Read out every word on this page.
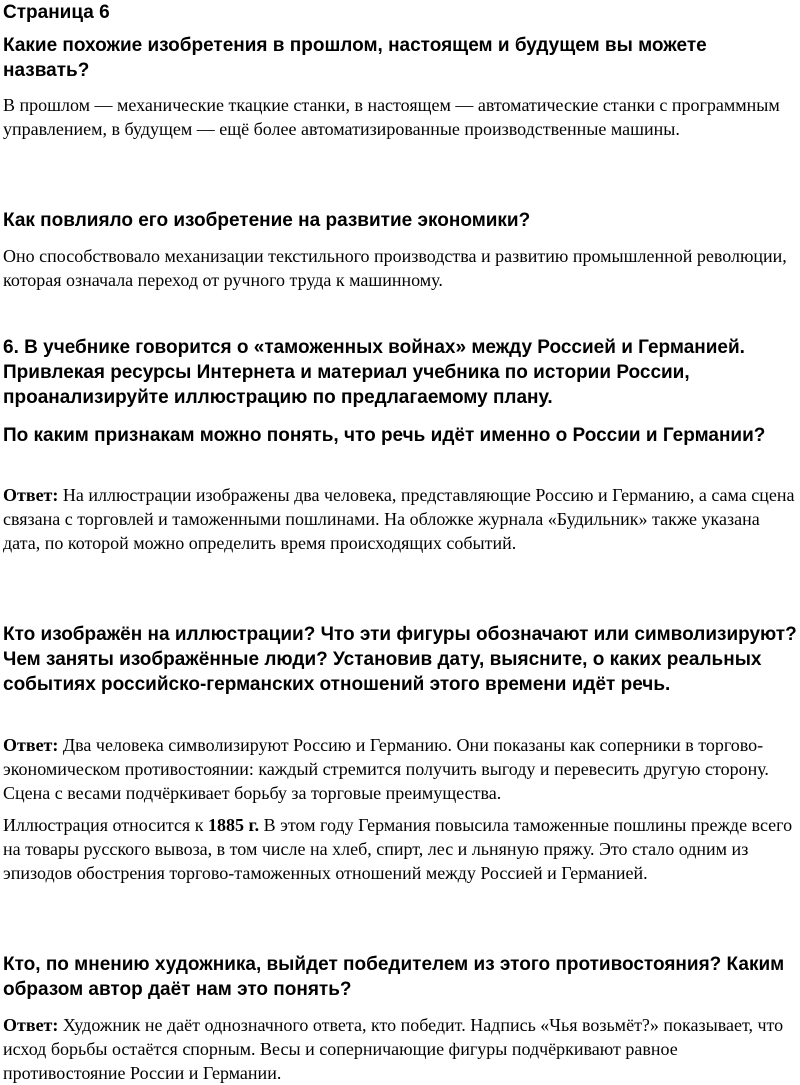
Страница 6
Какие похожие изобретения в прошлом, настоящем и будущем вы можете назвать?

В прошлом — механические ткацкие станки, в настоящем — автоматические станки с программным управлением, в будущем — ещё более автоматизированные производственные машины.

Как повлияло его изобретение на развитие экономики?

Оно способствовало механизации текстильного производства и развитию промышленной революции, которая означала переход от ручного труда к машинному.

6. В учебнике говорится о «таможенных войнах» между Россией и Германией. Привлекая ресурсы Интернета и материал учебника по истории России, проанализируйте иллюстрацию по предлагаемому плану.
По каким признакам можно понять, что речь идёт именно о России и Германии?

Ответ: На иллюстрации изображены два человека, представляющие Россию и Германию, а сама сцена связана с торговлей и таможенными пошлинами. На обложке журнала «Будильник» также указана дата, по которой можно определить время происходящих событий.

Кто изображён на иллюстрации? Что эти фигуры обозначают или символизируют? Чем заняты изображённые люди? Установив дату, выясните, о каких реальных событиях российско-германских отношений этого времени идёт речь.

Ответ: Два человека символизируют Россию и Германию. Они показаны как соперники в торгово-экономическом противостоянии: каждый стремится получить выгоду и перевесить другую сторону. Сцена с весами подчёркивает борьбу за торговые преимущества.

Иллюстрация относится к 1885 г. В этом году Германия повысила таможенные пошлины прежде всего на товары русского вывоза, в том числе на хлеб, спирт, лес и льняную пряжу. Это стало одним из эпизодов обострения торгово-таможенных отношений между Россией и Германией.

Кто, по мнению художника, выйдет победителем из этого противостояния? Каким образом автор даёт нам это понять?

Ответ: Художник не даёт однозначного ответа, кто победит. Надпись «Чья возьмёт?» показывает, что исход борьбы остаётся спорным. Весы и соперничающие фигуры подчёркивают равное противостояние России и Германии.
